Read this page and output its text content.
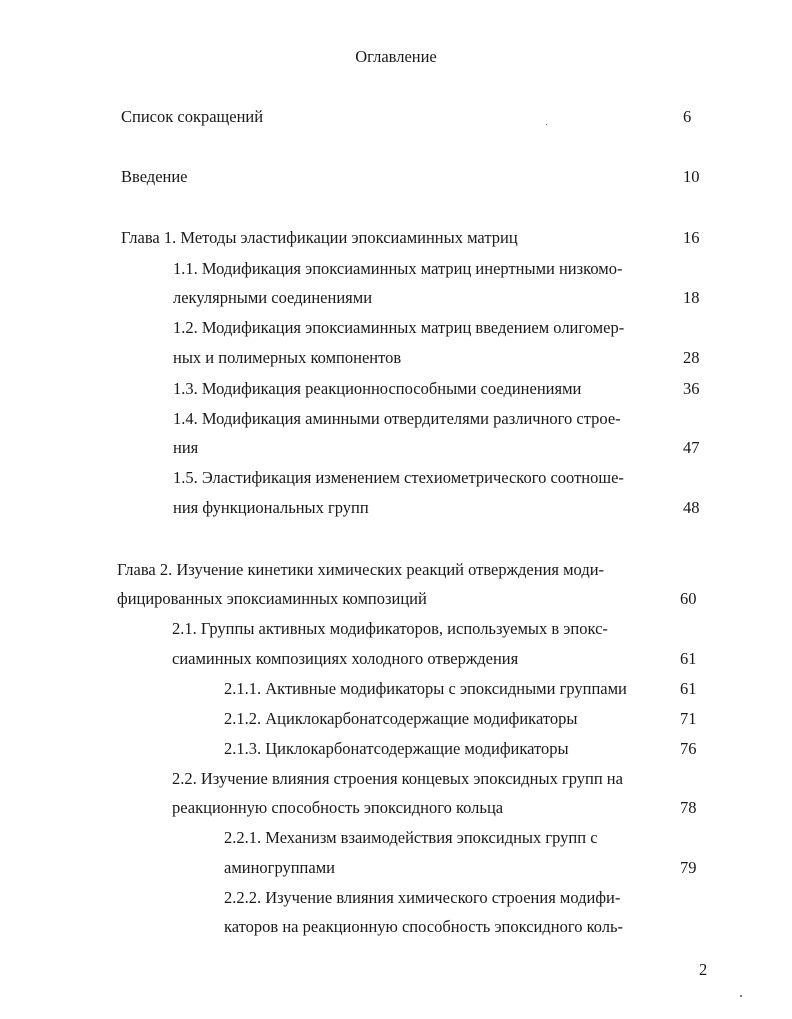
Оглавление
Список сокращений	6
Введение	10
Глава 1. Методы эластификации эпоксиаминных матриц	16
1.1. Модификация эпоксиаминных матриц инертными низкомо-
лекулярными соединениями	18
1.2. Модификация эпоксиаминных матриц введением олигомер-
ных и полимерных компонентов	28
1.3. Модификация реакционноспособными соединениями	36
1.4. Модификация аминными отвердителями различного строе-
ния	47
1.5. Эластификация изменением стехиометрического соотноше-
ния функциональных групп	48
Глава 2. Изучение кинетики химических реакций отверждения моди-
фицированных эпоксиаминных композиций	60
2.1. Группы активных модификаторов, используемых в эпокс-
сиаминных композициях холодного отверждения	61
2.1.1. Активные модификаторы с эпоксидными группами	61
2.1.2. Ациклокарбонатсодержащие модификаторы	71
2.1.3. Циклокарбонатсодержащие модификаторы	76
2.2. Изучение влияния строения концевых эпоксидных групп на
реакционную способность эпоксидного кольца	78
2.2.1. Механизм взаимодействия эпоксидных групп с
аминогруппами	79
2.2.2. Изучение влияния химического строения модифи-
каторов на реакционную способность эпоксидного коль-
2
